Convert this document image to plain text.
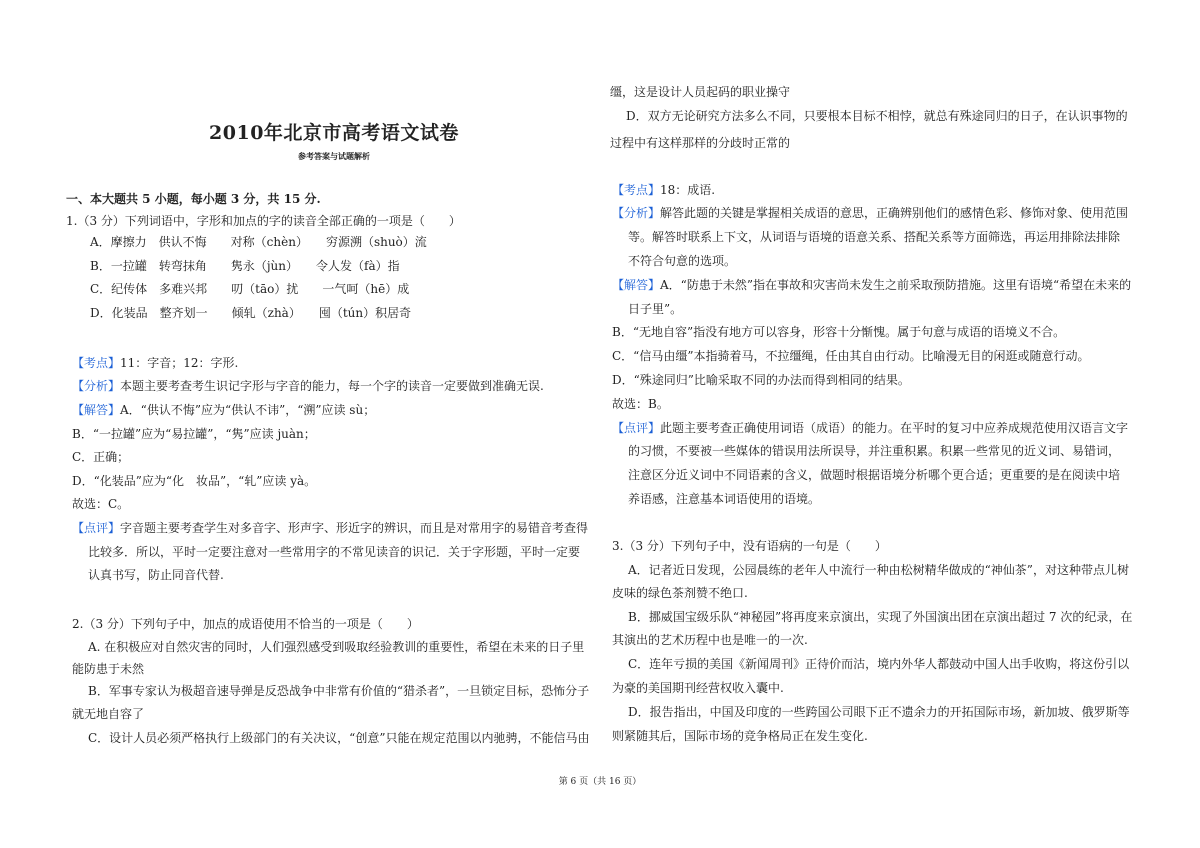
2010年北京市高考语文试卷
参考答案与试题解析
一、本大题共 5 小题，每小题 3 分，共 15 分.
1.（3 分）下列词语中，字形和加点的字的读音全部正确的一项是（　　）
A．摩擦力　供认不悔　　对称（chèn）　　穷源溯（shuò）流
B．一拉罐　转弯抹角　　隽永（jùn）　　令人发（fà）指
C．纪传体　多难兴邦　　叨（tāo）扰　　一气呵（hē）成
D．化装品　整齐划一　　倾轧（zhà）　　囤（tún）积居奇
【考点】11：字音；12：字形.
【分析】本题主要考查考生识记字形与字音的能力，每一个字的读音一定要做到准确无误.
【解答】A．“供认不悔”应为“供认不讳”，“溯”应读 sù；
B．“一拉罐”应为“易拉罐”，“隽”应读 juàn；
C．正确；
D．“化装品”应为“化　妆品”，“轧”应读 yà。
故选：C。
【点评】字音题主要考查学生对多音字、形声字、形近字的辨识，而且是对常用字的易错音考查得
比较多．所以，平时一定要注意对一些常用字的不常见读音的识记．关于字形题，平时一定要
认真书写，防止同音代替.
2.（3 分）下列句子中，加点的成语使用不恰当的一项是（　　）
A. 在积极应对自然灾害的同时，人们强烈感受到吸取经验教训的重要性，希望在未来的日子里
能防患于未然
B．军事专家认为极超音速导弹是反恐战争中非常有价值的“猎杀者”，一旦锁定目标，恐怖分子
就无地自容了
C．设计人员必须严格执行上级部门的有关决议，“创意”只能在规定范围以内驰骋，不能信马由
缰，这是设计人员起码的职业操守
D．双方无论研究方法多么不同，只要根本目标不相悖，就总有殊途同归的日子，在认识事物的
过程中有这样那样的分歧时正常的
【考点】18：成语.
【分析】解答此题的关键是掌握相关成语的意思，正确辨别他们的感情色彩、修饰对象、使用范围
等。解答时联系上下文，从词语与语境的语意关系、搭配关系等方面筛选，再运用排除法排除
不符合句意的选项。
【解答】A．“防患于未然”指在事故和灾害尚未发生之前采取预防措施。这里有语境“希望在未来的
日子里”。
B．“无地自容”指没有地方可以容身，形容十分惭愧。属于句意与成语的语境义不合。
C．“信马由缰”本指骑着马，不拉缰绳，任由其自由行动。比喻漫无目的闲逛或随意行动。
D．“殊途同归”比喻采取不同的办法而得到相同的结果。
故选：B。
【点评】此题主要考查正确使用词语（成语）的能力。在平时的复习中应养成规范使用汉语言文字
的习惯，不要被一些媒体的错误用法所误导，并注重积累。积累一些常见的近义词、易错词，
注意区分近义词中不同语素的含义，做题时根据语境分析哪个更合适；更重要的是在阅读中培
养语感，注意基本词语使用的语境。
3.（3 分）下列句子中，没有语病的一句是（　　）
A．记者近日发现，公园晨练的老年人中流行一种由松树精华做成的“神仙茶”，对这种带点儿树
皮味的绿色茶剂赞不绝口.
B．挪威国宝级乐队“神秘园”将再度来京演出，实现了外国演出团在京演出超过 7 次的纪录，在
其演出的艺术历程中也是唯一的一次.
C．连年亏损的美国《新闻周刊》正待价而沽，境内外华人都鼓动中国人出手收购，将这份引以
为豪的美国期刊经营权收入囊中.
D．报告指出，中国及印度的一些跨国公司眼下正不遗余力的开拓国际市场，新加坡、俄罗斯等
则紧随其后，国际市场的竞争格局正在发生变化.
第 6 页（共 16 页）
